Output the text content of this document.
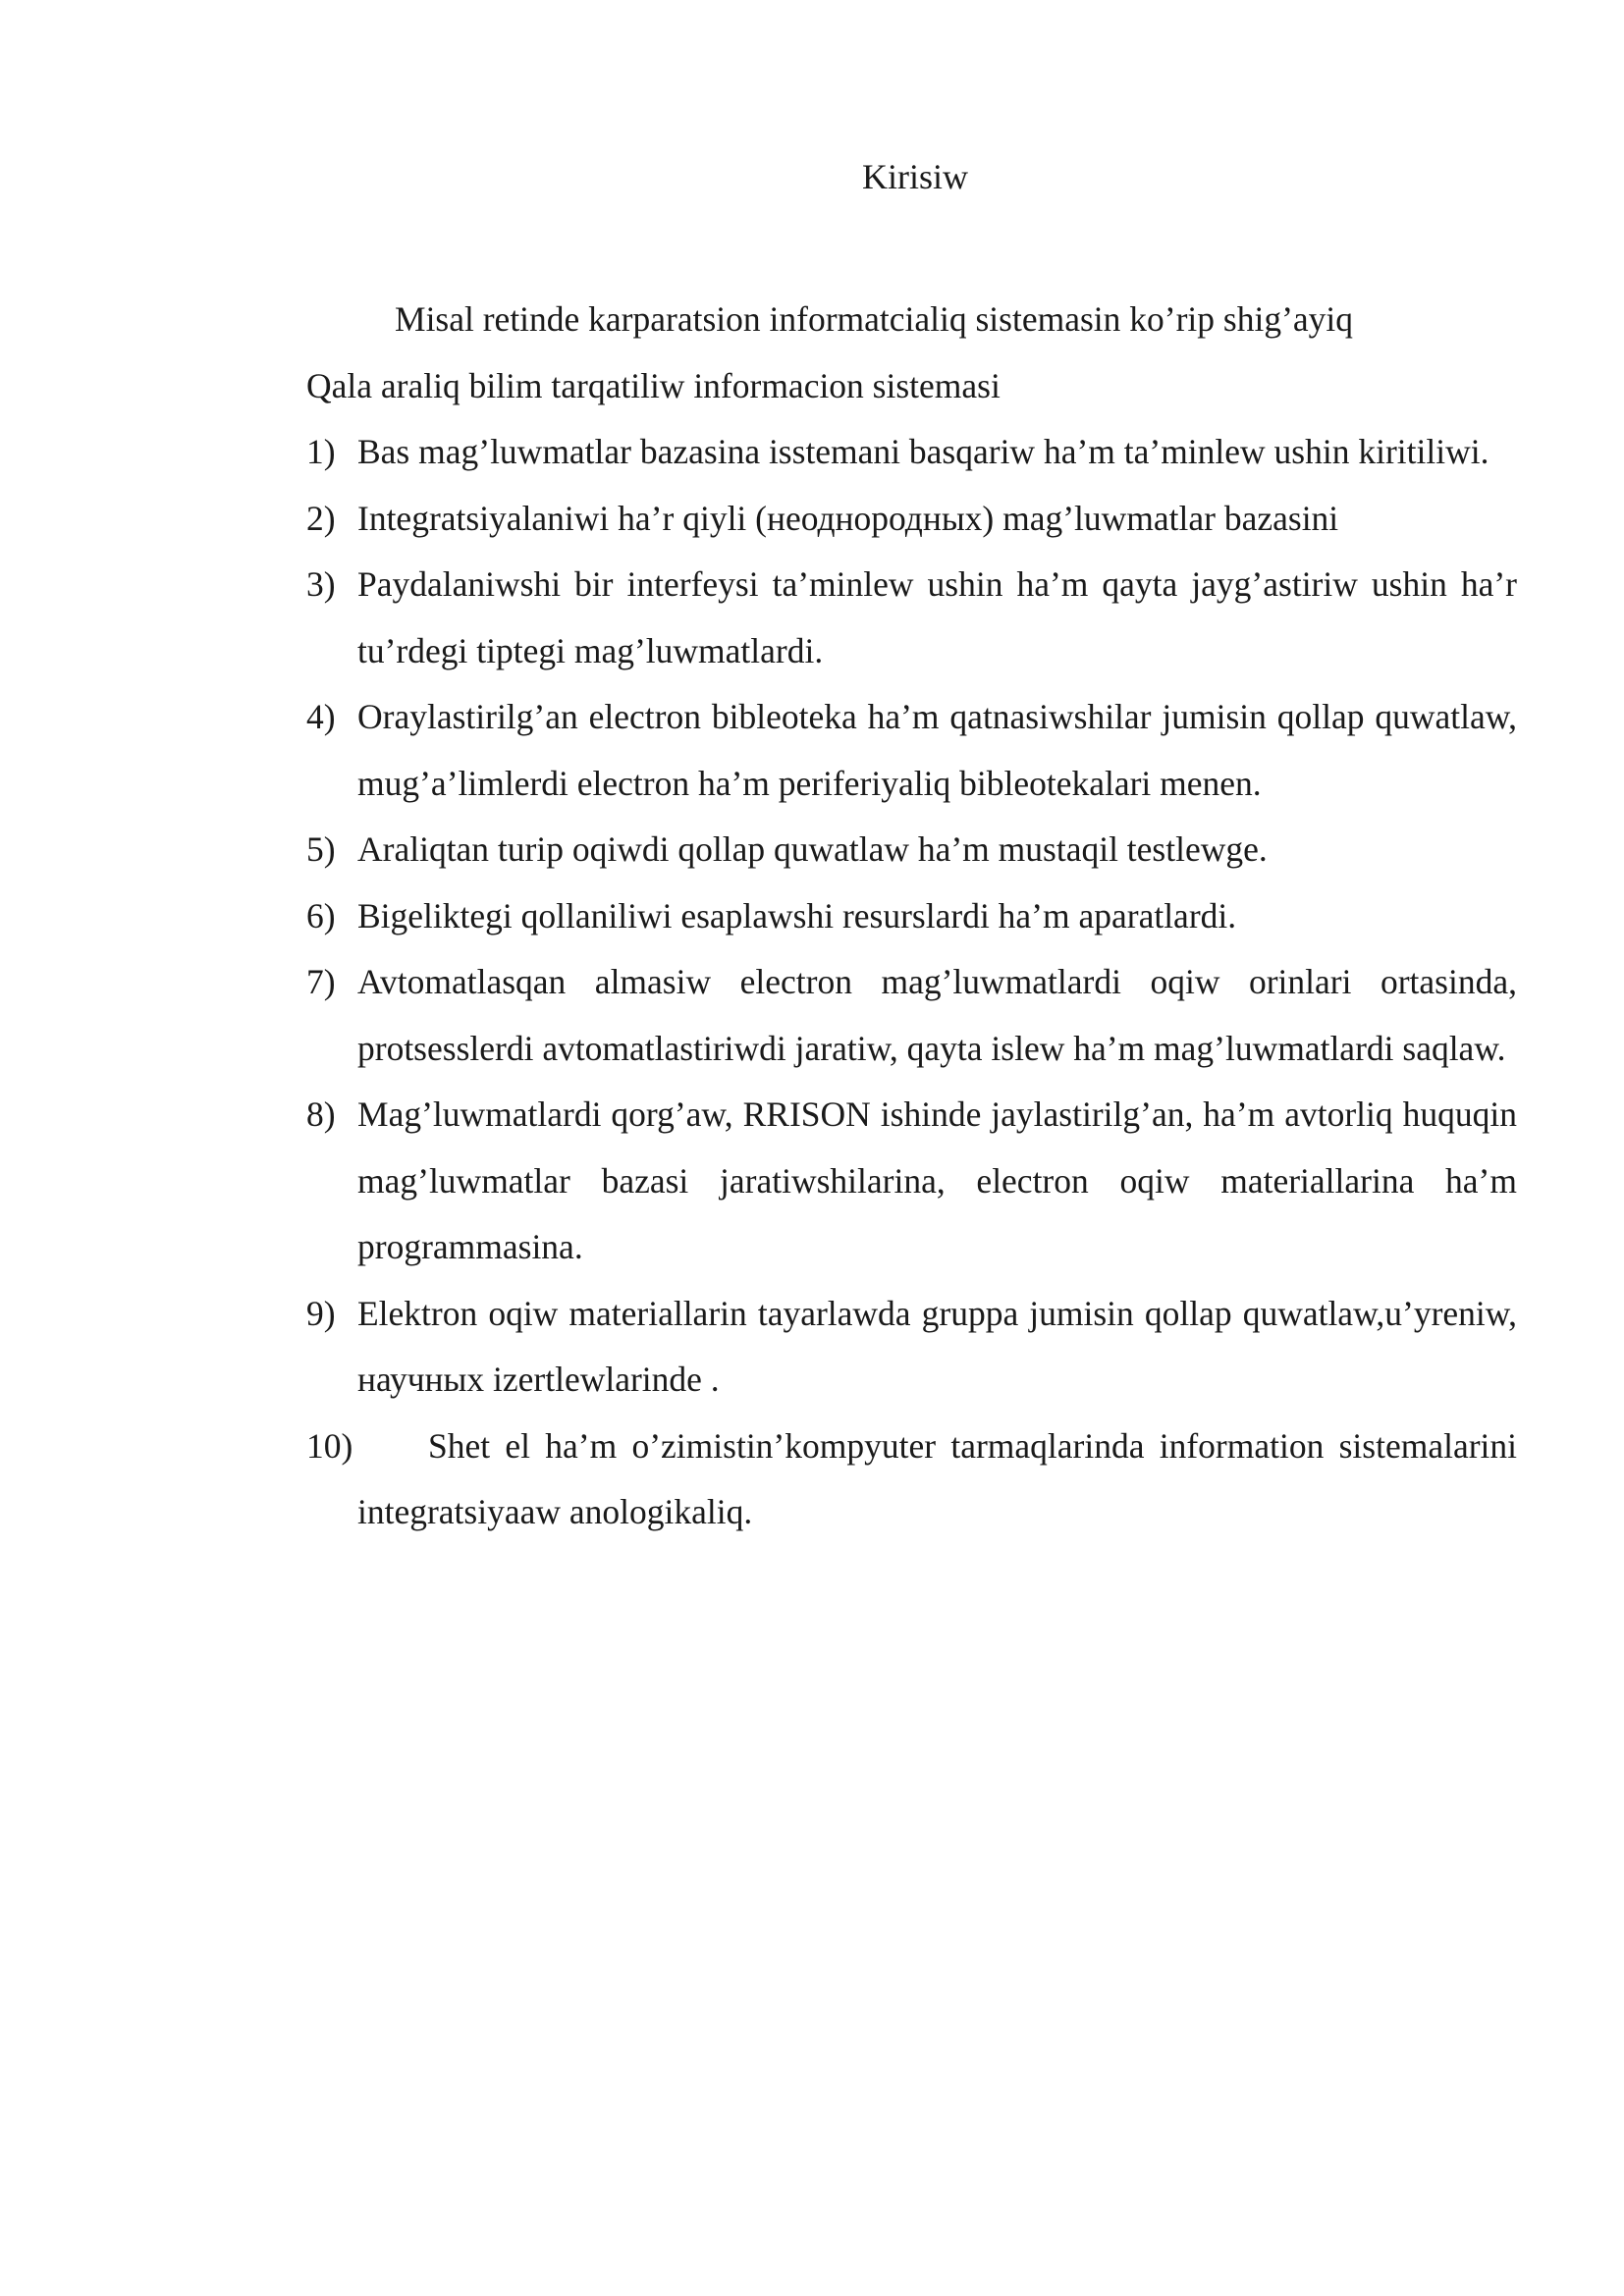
Kirisiw

Misal retinde karparatsion informatcialiq sistemasin ko’rip shig’ayiq

Qala araliq bilim tarqatiliw informacion sistemasi

1) Bas mag’luwmatlar bazasina isstemani basqariw ha’m ta’minlew ushin kiritiliwi.
2) Integratsiyalaniwi ha’r qiyli (неоднородных) mag’luwmatlar bazasini
3) Paydalaniwshi bir interfeysi ta’minlew ushin ha’m qayta jayg’astiriw ushin ha’r tu’rdegi tiptegi mag’luwmatlardi.
4) Oraylastirilg’an electron bibleoteka ha’m qatnasiwshilar jumisin qollap quwatlaw, mug’a’limlerdi electron ha’m periferiyaliq bibleotekalari menen.
5) Araliqtan turip oqiwdi qollap quwatlaw ha’m mustaqil testlewge.
6) Bigeliktegi qollaniliwi esaplawshi resurslardi ha’m aparatlardi.
7) Avtomatlasqan almasiw electron mag’luwmatlardi oqiw orinlari ortasinda, protsesslerdi avtomatlastiriwdi jaratiw, qayta islew ha’m mag’luwmatlardi saqlaw.
8) Mag’luwmatlardi qorg’aw, RRISON ishinde jaylastirilg’an, ha’m avtorliq huquqin mag’luwmatlar bazasi jaratiwshilarina, electron oqiw materiallarina ha’m programmasina.
9) Elektron oqiw materiallarin tayarlawda gruppa jumisin qollap quwatlaw,u’yreniw, научных izertlewlarinde .
10) Shet el ha’m o’zimistin’kompyuter tarmaqlarinda information sistemalarini integratsiyaaw anologikaliq.
